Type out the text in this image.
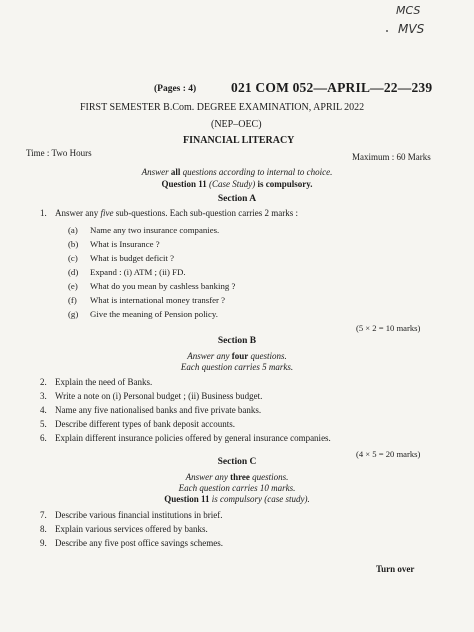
MCS
MVS
(Pages : 4)	021 COM 052—APRIL—22—239
FIRST SEMESTER B.Com. DEGREE EXAMINATION, APRIL 2022
(NEP–OEC)
FINANCIAL LITERACY
Time : Two Hours	Maximum : 60 Marks
Answer all questions according to internal to choice.
Question 11 (Case Study) is compulsory.
Section A
1. Answer any five sub-questions. Each sub-question carries 2 marks :
(a) Name any two insurance companies.
(b) What is Insurance ?
(c) What is budget deficit ?
(d) Expand : (i) ATM ; (ii) FD.
(e) What do you mean by cashless banking ?
(f) What is international money transfer ?
(g) Give the meaning of Pension policy.
(5 × 2 = 10 marks)
Section B
Answer any four questions.
Each question carries 5 marks.
2. Explain the need of Banks.
3. Write a note on (i) Personal budget ; (ii) Business budget.
4. Name any five nationalised banks and five private banks.
5. Describe different types of bank deposit accounts.
6. Explain different insurance policies offered by general insurance companies.
(4 × 5 = 20 marks)
Section C
Answer any three questions.
Each question carries 10 marks.
Question 11 is compulsory (case study).
7. Describe various financial institutions in brief.
8. Explain various services offered by banks.
9. Describe any five post office savings schemes.
Turn over
